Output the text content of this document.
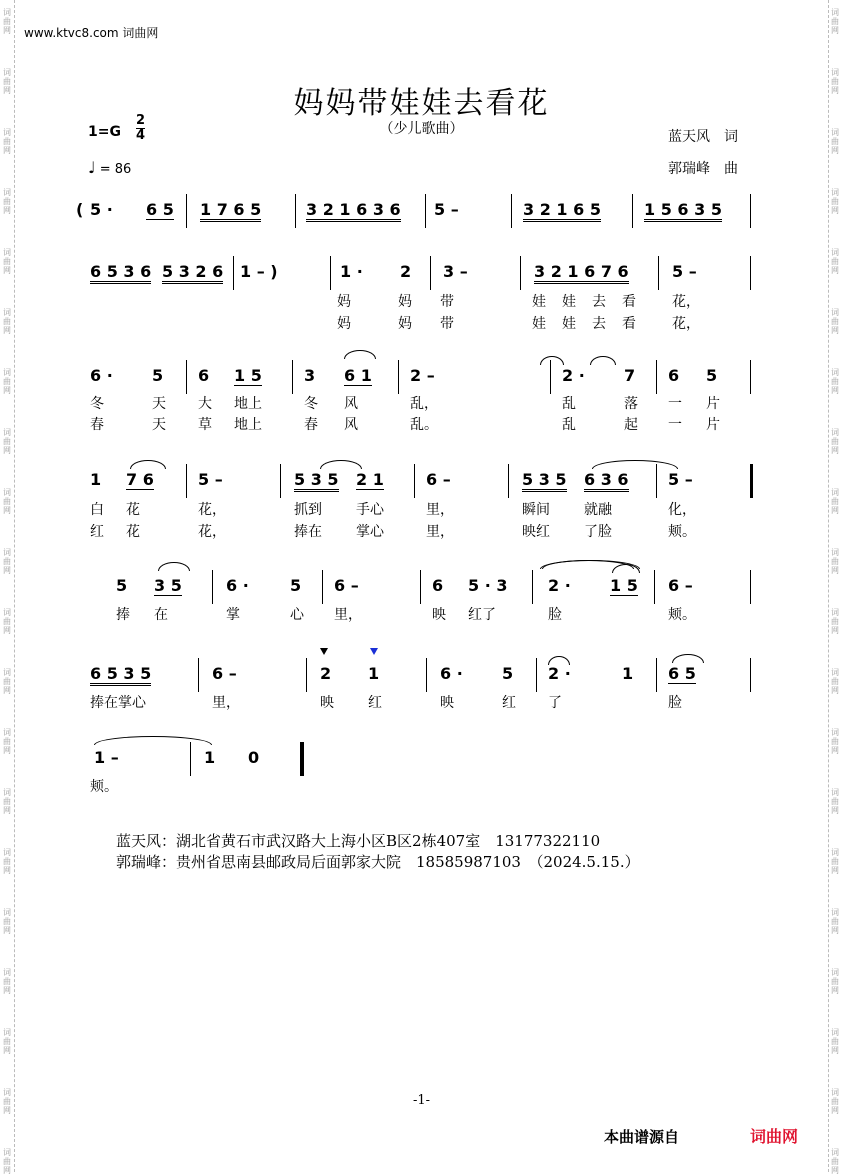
词
曲
网
词
曲
网
词
曲
网
词
曲
网
词
曲
网
词
曲
网
词
曲
网
词
曲
网
词
曲
网
词
曲
网
词
曲
网
词
曲
网
词
曲
网
词
曲
网
词
曲
网
词
曲
网
词
曲
网
词
曲
网
词
曲
网
词
曲
网
词
曲
网
词
曲
网
词
曲
网
词
曲
网
词
曲
网
词
曲
网
词
曲
网
词
曲
网
词
曲
网
词
曲
网
词
曲
网
词
曲
网
词
曲
网
词
曲
网
词
曲
网
词
曲
网
词
曲
网
词
曲
网
词
曲
网
词
曲
网
www.ktvc8.com 词曲网
妈妈带娃娃去看花
（少儿歌曲）
1=G
2
4
♩ = 86
蓝天风　词
郭瑞峰　曲
( 5 · 6 5 1 7 6 5	3 2 1 6 3 6 5 –	3 2 1 6 5	1 5 6 3 5
6 5 3 6 5 3 2 6 1 – )	1 · 2 3 –	3 2 1 6 7 6	5 –
妈	妈 带	娃 娃 去 看	花，
妈	妈 带	娃 娃 去 看	花，
6 · 5 6 1 5	3 6 1 2 –	2 · 7 6 5
冬	天 大 地上	冬 风	乱，	乱	落 一 片
春	天 草 地上	春 风	乱。	乱	起 一 片
1 7 6	5 –	5 3 5 2 1	6 –	5 3 5 6 3 6 5 –
白 花	花，	抓到 手心	里，	瞬间 就融	化，
红 花	花，	捧在 掌心	里，	映红 了脸	颊。
5 3 5	6 ·	5 6 –	6 5 · 3	2 · 1 5 6 –
捧 在	掌	心 里，	映 红了	脸	颊。
6 5 3 5	6 –	2 1	6 · 5 2 ·	1 6 5
捧在掌心	里，	映 红	映	红 了	脸
1 –	1 0
颊。
蓝天风：湖北省黄石市武汉路大上海小区B区2栋407室　13177322110
郭瑞峰：贵州省思南县邮政局后面郭家大院　18585987103　（2024.5.15.）
-1-
本曲谱源自	词曲网
